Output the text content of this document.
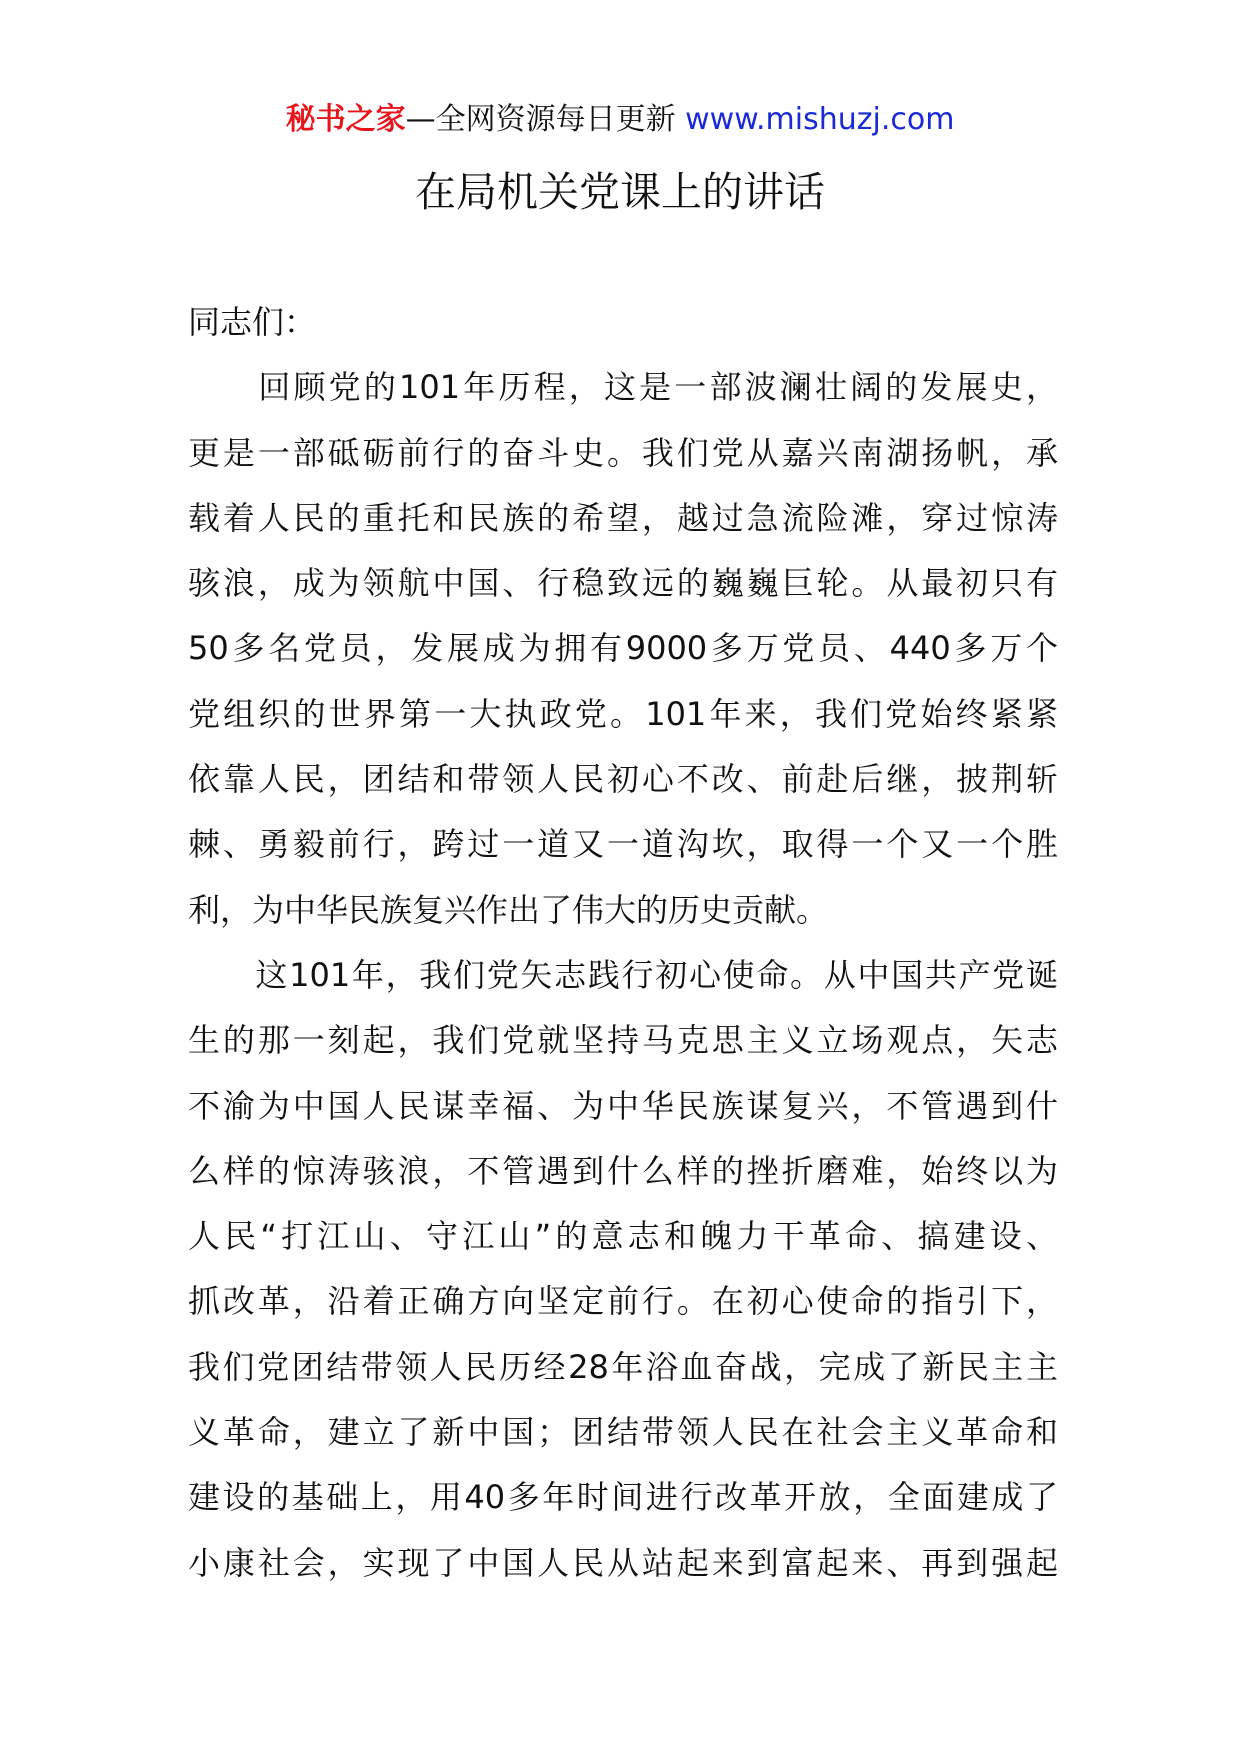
秘书之家—全网资源每日更新 www.mishuzj.com
在局机关党课上的讲话
同志们：
　　回顾党的101年历程，这是一部波澜壮阔的发展史，
更是一部砥砺前行的奋斗史。我们党从嘉兴南湖扬帆，承
载着人民的重托和民族的希望，越过急流险滩，穿过惊涛
骇浪，成为领航中国、行稳致远的巍巍巨轮。从最初只有
50多名党员，发展成为拥有9000多万党员、440多万个
党组织的世界第一大执政党。101年来，我们党始终紧紧
依靠人民，团结和带领人民初心不改、前赴后继，披荆斩
棘、勇毅前行，跨过一道又一道沟坎，取得一个又一个胜
利，为中华民族复兴作出了伟大的历史贡献。
　　这101年，我们党矢志践行初心使命。从中国共产党诞
生的那一刻起，我们党就坚持马克思主义立场观点，矢志
不渝为中国人民谋幸福、为中华民族谋复兴，不管遇到什
么样的惊涛骇浪，不管遇到什么样的挫折磨难，始终以为
人民“打江山、守江山”的意志和魄力干革命、搞建设、
抓改革，沿着正确方向坚定前行。在初心使命的指引下，
我们党团结带领人民历经28年浴血奋战，完成了新民主主
义革命，建立了新中国；团结带领人民在社会主义革命和
建设的基础上，用40多年时间进行改革开放，全面建成了
小康社会，实现了中国人民从站起来到富起来、再到强起
